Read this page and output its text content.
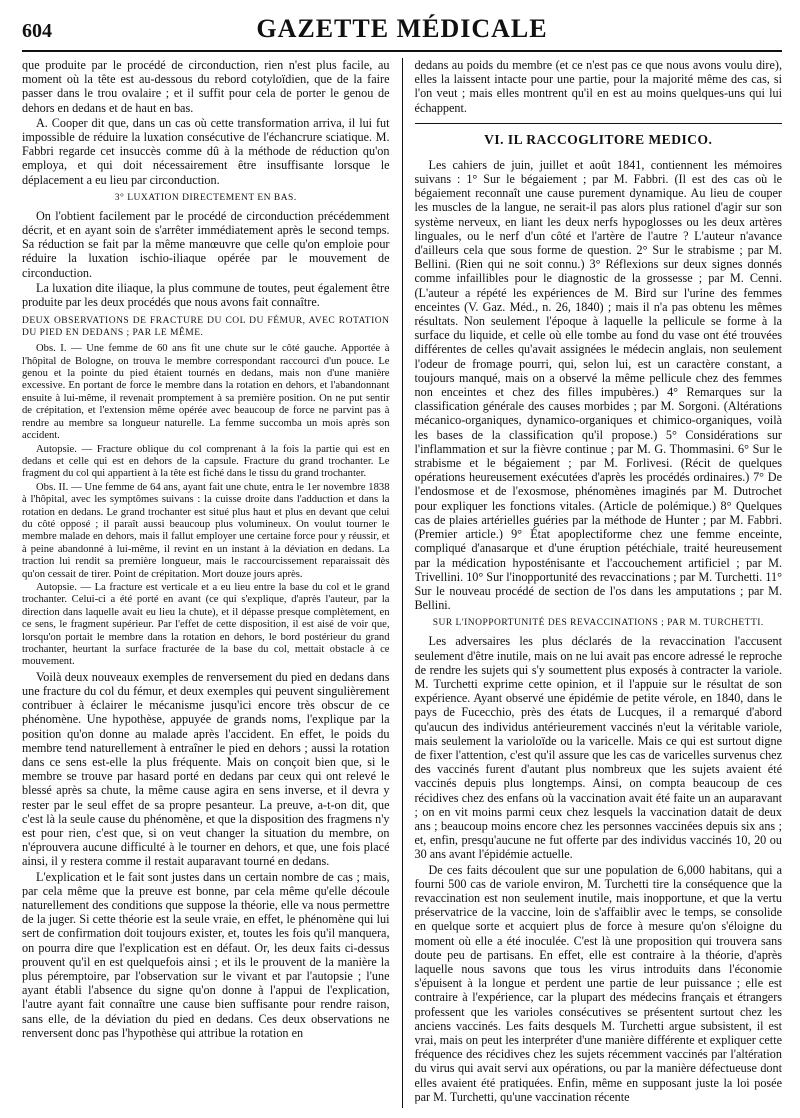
604	GAZETTE MÉDICALE

que produite par le procédé de circonduction, rien n'est plus facile, au moment où la tête est au-dessous du rebord cotyloïdien, que de la faire passer dans le trou ovalaire ; et il suffit pour cela de porter le genou de dehors en dedans et de haut en bas.

A. Cooper dit que, dans un cas où cette transformation arriva, il lui fut impossible de réduire la luxation consécutive de l'échancrure sciatique. M. Fabbri regarde cet insuccès comme dû à la méthode de réduction qu'on employa, et qui doit nécessairement être insuffisante lorsque le déplacement a eu lieu par circonduction.

3° LUXATION DIRECTEMENT EN BAS.

On l'obtient facilement par le procédé de circonduction précédemment décrit, et en ayant soin de s'arrêter immédiatement après le second temps. Sa réduction se fait par la même manœuvre que celle qu'on emploie pour réduire la luxation ischio-iliaque opérée par le mouvement de circonduction.

La luxation dite iliaque, la plus commune de toutes, peut également être produite par les deux procédés que nous avons fait connaître.

DEUX OBSERVATIONS DE FRACTURE DU COL DU FÉMUR, AVEC ROTATION DU PIED EN DEDANS ; PAR LE MÊME.

Obs. I. — Une femme de 60 ans fit une chute sur le côté gauche. Apportée à l'hôpital de Bologne, on trouva le membre correspondant raccourci d'un pouce. Le genou et la pointe du pied étaient tournés en dedans, mais non d'une manière excessive. En portant de force le membre dans la rotation en dehors, et l'abandonnant ensuite à lui-même, il revenait promptement à sa première position. On ne put sentir de crépitation, et l'extension même opérée avec beaucoup de force ne parvint pas à rendre au membre sa longueur naturelle. La femme succomba un mois après son accident.

Autopsie. — Fracture oblique du col comprenant à la fois la partie qui est en dedans et celle qui est en dehors de la capsule. Fracture du grand trochanter. Le fragment du col qui appartient à la tête est fiché dans le tissu du grand trochanter.

Obs. II. — Une femme de 64 ans, ayant fait une chute, entra le 1er novembre 1838 à l'hôpital, avec les symptômes suivans : la cuisse droite dans l'adduction et dans la rotation en dedans. Le grand trochanter est situé plus haut et plus en devant que celui du côté opposé ; il paraît aussi beaucoup plus volumineux. On voulut tourner le membre malade en dehors, mais il fallut employer une certaine force pour y réussir, et à peine abandonné à lui-même, il revint en un instant à la déviation en dedans. La traction lui rendit sa première longueur, mais le raccourcissement reparaissait dès qu'on cessait de tirer. Point de crépitation. Mort douze jours après.

Autopsie. — La fracture est verticale et a eu lieu entre la base du col et le grand trochanter. Celui-ci a été porté en avant (ce qui s'explique, d'après l'auteur, par la direction dans laquelle avait eu lieu la chute), et il dépasse presque complètement, en ce sens, le fragment supérieur. Par l'effet de cette disposition, il est aisé de voir que, lorsqu'on portait le membre dans la rotation en dehors, le bord postérieur du grand trochanter, heurtant la surface fracturée de la base du col, mettait obstacle à ce mouvement.

Voilà deux nouveaux exemples de renversement du pied en dedans dans une fracture du col du fémur, et deux exemples qui peuvent singulièrement contribuer à éclairer le mécanisme jusqu'ici encore très obscur de ce phénomène. Une hypothèse, appuyée de grands noms, l'explique par la position qu'on donne au malade après l'accident. En effet, le poids du membre tend naturellement à entraîner le pied en dehors ; aussi la rotation dans ce sens est-elle la plus fréquente. Mais on conçoit bien que, si le membre se trouve par hasard porté en dedans par ceux qui ont relevé le blessé après sa chute, la même cause agira en sens inverse, et il devra y rester par le seul effet de sa propre pesanteur. La preuve, a-t-on dit, que c'est là la seule cause du phénomène, et que la disposition des fragmens n'y est pour rien, c'est que, si on veut changer la situation du membre, on n'éprouvera aucune difficulté à le tourner en dehors, et que, une fois placé ainsi, il y restera comme il restait auparavant tourné en dedans.

L'explication et le fait sont justes dans un certain nombre de cas ; mais, par cela même que la preuve est bonne, par cela même qu'elle découle naturellement des conditions que suppose la théorie, elle va nous permettre de la juger. Si cette théorie est la seule vraie, en effet, le phénomène qui lui sert de confirmation doit toujours exister, et, toutes les fois qu'il manquera, on pourra dire que l'explication est en défaut. Or, les deux faits ci-dessus prouvent qu'il en est quelquefois ainsi ; et ils le prouvent de la manière la plus péremptoire, par l'observation sur le vivant et par l'autopsie ; l'une ayant établi l'absence du signe qu'on donne à l'appui de l'explication, l'autre ayant fait connaître une cause bien suffisante pour rendre raison, sans elle, de la déviation du pied en dedans. Ces deux observations ne renversent donc pas l'hypothèse qui attribue la rotation en

dedans au poids du membre (et ce n'est pas ce que nous avons voulu dire), elles la laissent intacte pour une partie, pour la majorité même des cas, si l'on veut ; mais elles montrent qu'il en est au moins quelques-uns qui lui échappent.

VI. IL RACCOGLITORE MEDICO.

Les cahiers de juin, juillet et août 1841, contiennent les mémoires suivans : 1° Sur le bégaiement ; par M. Fabbri. (Il est des cas où le bégaiement reconnaît une cause purement dynamique. Au lieu de couper les muscles de la langue, ne serait-il pas alors plus rationel d'agir sur son système nerveux, en liant les deux nerfs hypoglosses ou les deux artères linguales, ou le nerf d'un côté et l'artère de l'autre ? L'auteur n'avance d'ailleurs cela que sous forme de question. 2° Sur le strabisme ; par M. Bellini. (Rien qui ne soit connu.) 3° Réflexions sur deux signes donnés comme infaillibles pour le diagnostic de la grossesse ; par M. Cenni. (L'auteur a répété les expériences de M. Bird sur l'urine des femmes enceintes (V. Gaz. Méd., n. 26, 1840) ; mais il n'a pas obtenu les mêmes résultats. Non seulement l'époque à laquelle la pellicule se forme à la surface du liquide, et celle où elle tombe au fond du vase ont été trouvées différentes de celles qu'avait assignées le médecin anglais, non seulement l'odeur de fromage pourri, qui, selon lui, est un caractère constant, a toujours manqué, mais on a observé la même pellicule chez des femmes non enceintes et chez des filles impubères.) 4° Remarques sur la classification générale des causes morbides ; par M. Sorgoni. (Altérations mécanico-organiques, dynamico-organiques et chimico-organiques, voilà les bases de la classification qu'il propose.) 5° Considérations sur l'inflammation et sur la fièvre continue ; par M. G. Thommasini. 6° Sur le strabisme et le bégaiement ; par M. Forlivesi. (Récit de quelques opérations heureusement exécutées d'après les procédés ordinaires.) 7° De l'endosmose et de l'exosmose, phénomènes imaginés par M. Dutrochet pour expliquer les fonctions vitales. (Article de polémique.) 8° Quelques cas de plaies artérielles guéries par la méthode de Hunter ; par M. Fabbri. (Premier article.) 9° État apoplectiforme chez une femme enceinte, compliqué d'anasarque et d'une éruption pétéchiale, traité heureusement par la médication hyposténisante et l'accouchement artificiel ; par M. Trivellini. 10° Sur l'inopportunité des revaccinations ; par M. Turchetti. 11° Sur le nouveau procédé de section de l'os dans les amputations ; par M. Bellini.

SUR L'INOPPORTUNITÉ DES REVACCINATIONS ; PAR M. TURCHETTI.

Les adversaires les plus déclarés de la revaccination l'accusent seulement d'être inutile, mais on ne lui avait pas encore adressé le reproche de rendre les sujets qui s'y soumettent plus exposés à contracter la variole. M. Turchetti exprime cette opinion, et il l'appuie sur le résultat de son expérience. Ayant observé une épidémie de petite vérole, en 1840, dans le pays de Fucecchio, près des états de Lucques, il a remarqué d'abord qu'aucun des individus antérieurement vaccinés n'eut la véritable variole, mais seulement la varioloïde ou la varicelle. Mais ce qui est surtout digne de fixer l'attention, c'est qu'il assure que les cas de varicelles survenus chez des vaccinés furent d'autant plus nombreux que les sujets avaient été vaccinés depuis plus longtemps. Ainsi, on compta beaucoup de ces récidives chez des enfans où la vaccination avait été faite un an auparavant ; on en vit moins parmi ceux chez lesquels la vaccination datait de deux ans ; beaucoup moins encore chez les personnes vaccinées depuis six ans ; et, enfin, presqu'aucune ne fut offerte par des individus vaccinés 10, 20 ou 30 ans avant l'épidémie actuelle.

De ces faits découlent que sur une population de 6,000 habitans, qui a fourni 500 cas de variole environ, M. Turchetti tire la conséquence que la revaccination est non seulement inutile, mais inopportune, et que la vertu préservatrice de la vaccine, loin de s'affaiblir avec le temps, se consolide en quelque sorte et acquiert plus de force à mesure qu'on s'éloigne du moment où elle a été inoculée. C'est là une proposition qui trouvera sans doute peu de partisans. En effet, elle est contraire à la théorie, d'après laquelle nous savons que tous les virus introduits dans l'économie s'épuisent à la longue et perdent une partie de leur puissance ; elle est contraire à l'expérience, car la plupart des médecins français et étrangers professent que les varioles consécutives se présentent surtout chez les anciens vaccinés. Les faits desquels M. Turchetti argue subsistent, il est vrai, mais on peut les interpréter d'une manière différente et expliquer cette fréquence des récidives chez les sujets récemment vaccinés par l'altération du virus qui avait servi aux opérations, ou par la manière défectueuse dont elles avaient été pratiquées. Enfin, même en supposant juste la loi posée par M. Turchetti, qu'une vaccination récente
